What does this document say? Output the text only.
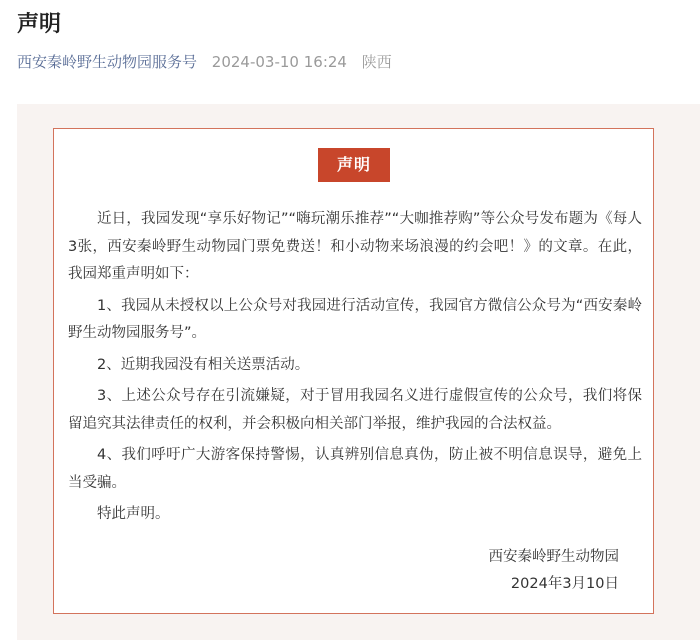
声明
西安秦岭野生动物园服务号 2024-03-10 16:24 陕西
声明

近日，我园发现“享乐好物记”“嗨玩潮乐推荐”“大咖推荐购”等公众号发布题为《每人3张，西安秦岭野生动物园门票免费送！和小动物来场浪漫的约会吧！》的文章。在此，我园郑重声明如下：

1、我园从未授权以上公众号对我园进行活动宣传，我园官方微信公众号为“西安秦岭野生动物园服务号”。

2、近期我园没有相关送票活动。

3、上述公众号存在引流嫌疑，对于冒用我园名义进行虚假宣传的公众号，我们将保留追究其法律责任的权利，并会积极向相关部门举报，维护我园的合法权益。

4、我们呼吁广大游客保持警惕，认真辨别信息真伪，防止被不明信息误导，避免上当受骗。

特此声明。

西安秦岭野生动物园
2024年3月10日
